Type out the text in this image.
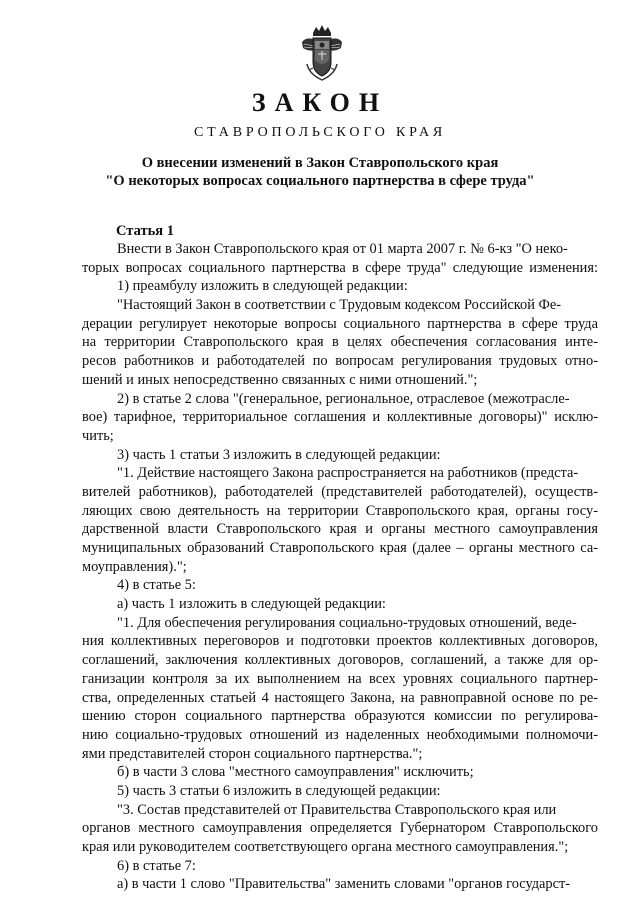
ЗАКОН
СТАВРОПОЛЬСКОГО КРАЯ
О внесении изменений в Закон Ставропольского края
"О некоторых вопросах социального партнерства в сфере труда"
Статья 1
Внести в Закон Ставропольского края от 01 марта 2007 г. № 6-кз "О неко-
торых вопросах социального партнерства в сфере труда" следующие изменения:
1) преамбулу изложить в следующей редакции:
"Настоящий Закон в соответствии с Трудовым кодексом Российской Фе-
дерации регулирует некоторые вопросы социального партнерства в сфере труда
на территории Ставропольского края в целях обеспечения согласования инте-
ресов работников и работодателей по вопросам регулирования трудовых отно-
шений и иных непосредственно связанных с ними отношений.";
2) в статье 2 слова "(генеральное, региональное, отраслевое (межотрасле-
вое) тарифное, территориальное соглашения и коллективные договоры)" исклю-
чить;
3) часть 1 статьи 3 изложить в следующей редакции:
"1. Действие настоящего Закона распространяется на работников (предста-
вителей работников), работодателей (представителей работодателей), осуществ-
ляющих свою деятельность на территории Ставропольского края, органы госу-
дарственной власти Ставропольского края и органы местного самоуправления
муниципальных образований Ставропольского края (далее – органы местного са-
моуправления).";
4) в статье 5:
а) часть 1 изложить в следующей редакции:
"1. Для обеспечения регулирования социально-трудовых отношений, веде-
ния коллективных переговоров и подготовки проектов коллективных договоров,
соглашений, заключения коллективных договоров, соглашений, а также для ор-
ганизации контроля за их выполнением на всех уровнях социального партнер-
ства, определенных статьей 4 настоящего Закона, на равноправной основе по ре-
шению сторон социального партнерства образуются комиссии по регулирова-
нию социально-трудовых отношений из наделенных необходимыми полномочи-
ями представителей сторон социального партнерства.";
б) в части 3 слова "местного самоуправления" исключить;
5) часть 3 статьи 6 изложить в следующей редакции:
"3. Состав представителей от Правительства Ставропольского края или
органов местного самоуправления определяется Губернатором Ставропольского
края или руководителем соответствующего органа местного самоуправления.";
6) в статье 7:
а) в части 1 слово "Правительства" заменить словами "органов государст-
